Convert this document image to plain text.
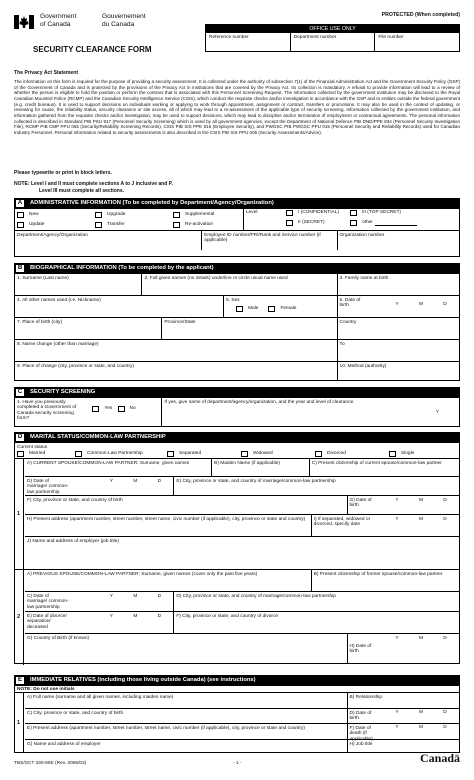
Government
of Canada
Gouvernement
du Canada
PROTECTED (When completed)
OFFICE USE ONLY
Reference number	Department number	File number
SECURITY CLEARANCE FORM
The Privacy Act Statement
The information on this form is required for the purpose of providing a security assessment. It is collected under the authority of subsection 7(1) of the Financial Administration Act and the Government Security Policy (GSP) of the Government of Canada and is protected by the provisions of the Privacy Act in institutions that are covered by the Privacy Act. Its collection is mandatory. A refusal to provide information will lead to a review of whether the person is eligible to hold the position or perform the contract that is associated with this Personnel Screening Request. The information collected by the government institution may be disclosed to the Royal Canadian Mounted Police (RCMP) and the Canadian Security Intelligence Service (CSIS), which conduct the requisite checks and/or investigation in accordance with the GSP and to entities outside the federal government (e.g. credit bureaus). It is used to support decisions on individuals working or applying to work through appointment, assignment or contract, transfers or promotions. It may also be used in the context of updating, or reviewing for cause, the reliability status, security clearance or site access, all of which may lead to a re-assessment of the applicable type of security screening. Information collected by the government institution, and information gathered from the requisite checks and/or investigation, may be used to support decisions, which may lead to discipline and/or termination of employment or contractual agreements. The personal information collected is described in Standard PIB PSU 917 (Personnel Security Screening) which is used by all government agencies, except the Department of National Defence PIB DND/PPE 834 (Personnel Security Investigation File), RCMP PIB CMP PPU 065 (Security/Reliability Screening Records), CSIS PIB SIS PPE 815 (Employee Security), and PWGSC PIB PWGSC PPU 015 (Personnel Security and Reliability Records) used for Canadian Industry Personnel. Personal information related to security assessments is also described in the CSIS PIB SIS PPU 005 (Security Assessments/Advice).
Please typewrite or print in block letters.
NOTE: Level I and II must complete sections A to J inclusive and P.
Level III must complete all sections.
A	ADMINISTRATIVE INFORMATION (To be completed by Department/Agency/Organization)
New	Upgrade	Supplemental
Update	Transfer	Re-activation
Level	I (CONFIDENTIAL)	III (TOP SECRET)
II (SECRET)	other
Department/Agency/Organization	Employee ID number/PRI/Rank and Service number (if applicable)
Organization number
B	BIOGRAPHICAL INFORMATION (To be completed by the applicant)
1. Surname (Last name)	2. Full given names (no initials) underline or circle usual name used	3. Family name at birth
4. All other names used (i.e. Nickname)	5. Sex
Male	Female
6. Date of birth	Y	M	D
7. Place of birth (city)	Province/State	Country
8. Name change (other than marriage)	To
9. Place of change (city, province or state, and country)	10. Method (authority)
C	SECURITY SCREENING
1. Have you previously completed a Government of Canada security screening form?
Yes
	No
If yes, give name of department/agency/organization, and the year and level of clearance.
Y
D	MARITAL STATUS/COMMON-LAW PARTNERSHIP
Current status
Married	Common-Law Partnership	Separated	Widowed	Divorced	Single
1
A) CURRENT SPOUSE/COMMON-LAW PARTNER: Surname, given names	B) Maiden Name (if applicable)	C) Present citizenship of current spouse/common-law partner
D) Date of marriage/ common-law partnership
Y	M	D	E) City, province or state, and country of marriage/common-law partnership
F) City, province or state, and country of birth	G) Date of birth
Y	M	D
H) Present address (apartment number, street number, street name, civic number (if applicable), city, province or state and country)	I) If separated, widowed or divorced, specify date
Y	M	D
J) Name and address of employer (job title)
2
A) PREVIOUS SPOUSE/COMMON-LAW PARTNER: Surname, given names (cover only the past five years)	B) Present citizenship of former spouse/common-law partner
C) Date of marriage/ common-law partnership
Y	M	D	D) City, province or state, and country of marriage/common-law partnership
E) Date of divorce/ separation/ deceased
Y	M	D	F) City, province or state, and country of divorce
G) Country of Birth (if known)
H) Date of birth
Y	M	D
E	IMMEDIATE RELATIVES (including those living outside Canada) (see instructions)
NOTE: Do not use initials
1
A) Full name (surname and all given names, including maiden name)	B) Relationship
C) City, province or state, and country of birth	D) Date of birth
Y	M	D
E) Present address (apartment number, street number, street name, civic number (if applicable), city, province or state and country)	F) Date of death (if applicable)
Y	M	D
G) Name and address of employer	H) Job title
TBS/SCT 330-60E (Rev. 2006/02)	- 1 -	Canadä
